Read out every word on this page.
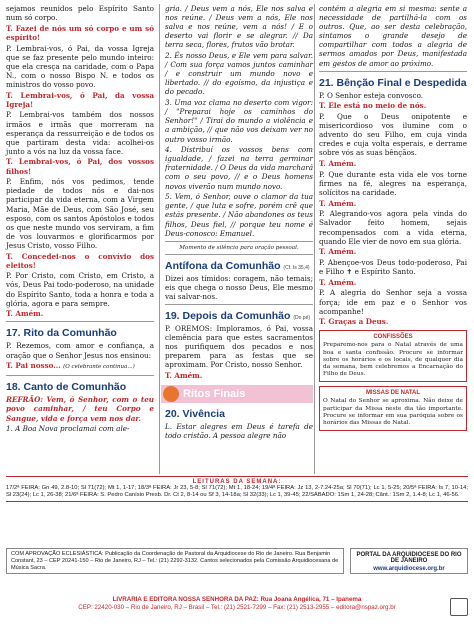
sejamos reunidos pelo Espírito Santo num só corpo.

T. Fazei de nós um só corpo e um só espírito!

P. Lembrai-vos, ó Pai, da vossa Igreja que se faz presente pelo mundo inteiro: que ela cresça na caridade, com o Papa N., com o nosso Bispo N. e todos os ministros do vosso povo.

T. Lembrai-vos, ó Pai, da vossa Igreja!

P. Lembrai-vos também dos nossos irmãos e irmãs que morreram na esperança da ressurreição e de todos os que partiram desta vida: acolhei-os junto a vós na luz da vossa face.

T. Lembrai-vos, ó Pai, dos vossos filhos!

P. Enfim, nós vos pedimos, tende piedade de todos nós e dai-nos participar da vida eterna, com a Virgem Maria, Mãe de Deus, com São José, seu esposo, com os santos Apóstolos e todos os que neste mundo vos serviram, a fim de vos louvarmos e glorificarmos por Jesus Cristo, vosso Filho.

T. Concedei-nos o convívio dos eleitos!

P. Por Cristo, com Cristo, em Cristo, a vós, Deus Pai todo-poderoso, na unidade do Espírito Santo, toda a honra e toda a glória, agora e para sempre.

T. Amém.

17. Rito da Comunhão

P. Rezemos, com amor e confiança, a oração que o Senhor Jesus nos ensinou:

T. Pai nosso... (O celebrante continua...)

18. Canto de Comunhão

REFRÃO: Vem, ó Senhor, com o teu povo caminhar, / teu Corpo e Sangue, vida e força vem nos dar.

1. A Boa Nova proclamai com ale-

gria. / Deus vem a nós, Ele nos salva e nos reúne. / Deus vem a nós, Ele nos salva e nos reúne, vem a nós! / E o deserto vai florir e se alegrar. // Da terra seca, flores, frutos vão brotar.

2. És nosso Deus, e Ele vem para salvar. / Com sua força vamos juntos caminhar / e construir um mundo novo e libertado. // do egoísmo, da injustiça e do pecado.

3. Uma voz clama no deserto com vigor: / "Preparai hoje os caminhos do Senhor!" / Tirai do mundo a violência e a ambição, // que não vos deixam ver no outro vosso irmão.

4. Distribuí os vossos bens com igualdade, / fazei na terra germinar fraternidade. / O Deus da vida marchará com o seu povo, // e o Deus homens novos viverão num mundo novo.

5. Vem, ó Senhor, ouve o clamor da tua gente, / que luta e sofre, porém crê que estás presente. / Não abandones os teus filhos, Deus fiel, // porque teu nome é Deus-conosco: Emanuel.

Momento de silêncio para oração pessoal.

Antífona da Comunhão (Cf. Is 35,4)

Dizei aos tímidos: coragem, não temais; eis que chega o nosso Deus, Ele mesmo vai salvar-nos.

19. Depois da Comunhão (Do pé)

P. OREMOS: Imploramos, ó Pai, vossa clemência para que estes sacramentos nos purifiquem dos pecados e nos preparem para as festas que se aproximam. Por Cristo, nosso Senhor.

T. Amém.

Ritos Finais
20. Vivência

L. Estar alegres em Deus é tarefa de todo cristão. A pessoa alegre não

contém a alegria em si mesma: sente a necessidade de partilhá-la com os outros. Que, ao ser desta celebração, sintamos o grande desejo de compartilhar com todos a alegria de sermos amados por Deus, manifestada em gestos de amor ao próximo.

21. Bênção Final e Despedida

P. O Senhor esteja convosco.

T. Ele está no meio de nós.

P. Que o Deus onipotente e misericordioso vos ilumine com o advento do seu Filho, em cuja vinda credes e cuja volta esperais, e derrame sobre vós as suas bênçãos.

T. Amém.

P. Que durante esta vida ele vos torne firmes na fé, alegres na esperança, solícitos na caridade.

T. Amém.

P. Alegrando-vos agora pela vinda do Salvador feito homem, sejais recompensados com a vida eterna, quando Ele vier de novo em sua glória.

T. Amém.

P. Abençoe-vos Deus todo-poderoso, Pai e Filho ✝ e Espírito Santo.

T. Amém.

P. A alegria do Senhor seja a vossa força; ide em paz e o Senhor vos acompanhe!

T. Graças a Deus.

CONFISSÕES

Preparemo-nos para o Natal através de uma boa e santa confissão. Procure se informar sobre os horários e os locais, de qualquer dia da semana, bem celebremos a Encarnação do Filho de Deus.

MISSAS DE NATAL

O Natal do Senhor se aproxima. Não deixe de participar da Missa neste dia tão importante. Procure se informar em sua paróquia sobre os horários das Missas de Natal.

LEITURAS DA SEMANA:

17/2ª FEIRA: Gn 49, 2.8-10; Sl 71(72); Mt 1, 1-17; 18/3ª FEIRA: Jr 23, 5-8; Sl 71(72); Mt 1, 18-24; 19/4ª FEIRA: Jz 13, 2-7.24-25a; Sl 70(71); Lc 1, 5-25; 20/5ª FEIRA: Is 7, 10-14; Sl 23(24); Lc 1, 26-38; 21/6ª FEIRA: S. Pedro Canísio Presb. Dr. Ct 2, 8-14 ou Sf 3, 14-18a; Sl 32(33); Lc 1, 39-45; 22/SÁBADO: 1Sm 1, 24-28; Cânt.: 1Sm 2, 1.4-8; Lc 1, 46-56.

COM APROVAÇÃO ECLESIÁSTICA: Publicação da Coordenação de Pastoral da Arquidiocese do Rio de Janeiro. Rua Benjamin Constant, 23 – CEP 20241-150 – Rio de Janeiro, RJ – Tel.: (21) 2292-3132. Cantos selecionados pela Comissão Arquidiocesana de Música Sacra.
PORTAL DA ARQUIDIOCESE DO RIO DE JANEIRO
www.arquidiocese.org.br
LIVRARIA E EDITORA NOSSA SENHORA DA PAZ: Rua Joana Angélica, 71 – Ipanema
CEP: 22420-030 – Rio de Janeiro, RJ – Brasil – Tel.: (21) 2521-7299 – Fax: (21) 2513-2955 – editora@nspaz.org.br
